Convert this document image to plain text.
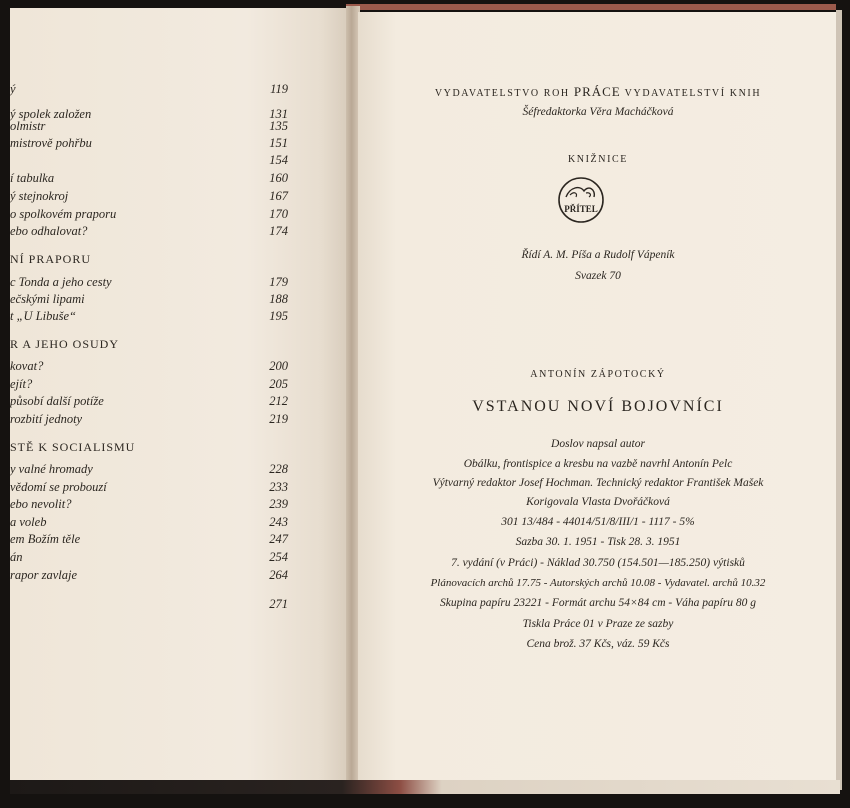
ý	119
ý spolek založen	131
olmistr	135
mistrově pohřbu	151
154
í tabulka	160
ý stejnokroj	167
o spolkovém praporu	170
ebo odhalovat?	174
NÍ PRAPORU
c Tonda a jeho cesty	179
ečskými lipami	188
t „U Libuše“	195
R A JEHO OSUDY
kovat?	200
ejít?	205
působí další potíže	212
rozbití jednoty	219
STĚ K SOCIALISMU
y valné hromady	228
vědomí se probouzí	233
ebo nevolit?	239
a voleb	243
em Božím těle	247
án	254
rapor zavlaje	264
271
VYDAVATELSTVO ROH PRÁCE VYDAVATELSTVÍ KNIH
Šéfredaktorka Věra Macháčková
KNIŽNICE
PŘÍTEL
Řídí A. M. Píša a Rudolf Vápeník
Svazek 70
ANTONÍN ZÁPOTOCKÝ
VSTANOU NOVÍ BOJOVNÍCI
Doslov napsal autor
Obálku, frontispice a kresbu na vazbě navrhl Antonín Pelc
Výtvarný redaktor Josef Hochman. Technický redaktor František Mašek
Korigovala Vlasta Dvořáčková
301 13/484 - 44014/51/8/III/1 - 1117 - 5%
Sazba 30. 1. 1951 - Tisk 28. 3. 1951
7. vydání (v Práci) - Náklad 30.750 (154.501—185.250) výtisků
Plánovacích archů 17.75 - Autorských archů 10.08 - Vydavatel. archů 10.32
Skupina papíru 23221 - Formát archu 54×84 cm - Váha papíru 80 g
Tiskla Práce 01 v Praze ze sazby
Cena brož. 37 Kčs, váz. 59 Kčs
